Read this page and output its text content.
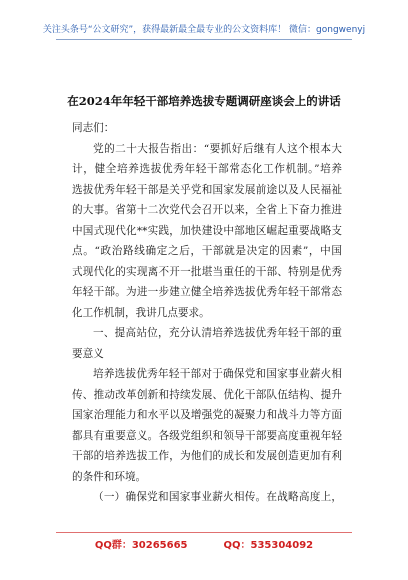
关注头条号“公文研究”，获得最新最全最专业的公文资料库！ 微信：gongwenyj
在2024年年轻干部培养选拔专题调研座谈会上的讲话

同志们：

党的二十大报告指出：“要抓好后继有人这个根本大
计，健全培养选拔优秀年轻干部常态化工作机制。”培养
选拔优秀年轻干部是关乎党和国家发展前途以及人民福祉
的大事。省第十二次党代会召开以来，全省上下奋力推进
中国式现代化**实践，加快建设中部地区崛起重要战略支
点。“政治路线确定之后，干部就是决定的因素”，中国
式现代化的实现离不开一批堪当重任的干部、特别是优秀
年轻干部。为进一步建立健全培养选拔优秀年轻干部常态
化工作机制，我讲几点要求。

一、提高站位，充分认清培养选拔优秀年轻干部的重
要意义

培养选拔优秀年轻干部对于确保党和国家事业薪火相
传、推动改革创新和持续发展、优化干部队伍结构、提升
国家治理能力和水平以及增强党的凝聚力和战斗力等方面
都具有重要意义。各级党组织和领导干部要高度重视年轻
干部的培养选拔工作，为他们的成长和发展创造更加有利
的条件和环境。

（一）确保党和国家事业薪火相传。在战略高度上，

QQ群：30265665	QQ：535304092
